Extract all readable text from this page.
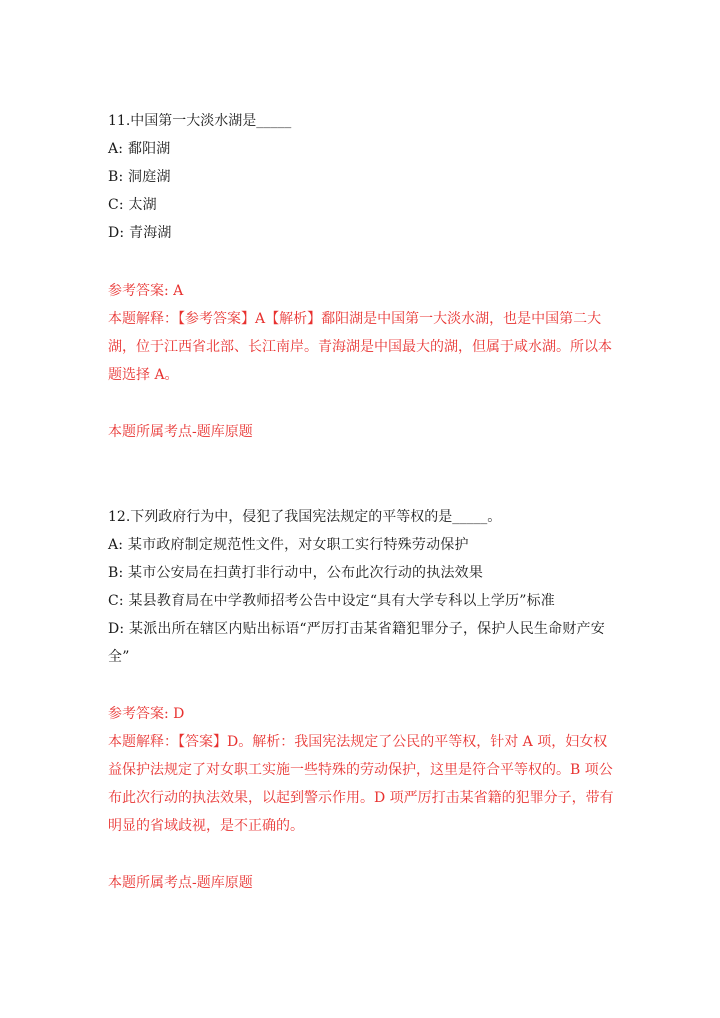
11.中国第一大淡水湖是_____
A: 鄱阳湖
B: 洞庭湖
C: 太湖
D: 青海湖
参考答案: A
本题解释：【参考答案】A【解析】鄱阳湖是中国第一大淡水湖，也是中国第二大湖，位于江西省北部、长江南岸。青海湖是中国最大的湖，但属于咸水湖。所以本题选择 A。
本题所属考点-题库原题
12.下列政府行为中，侵犯了我国宪法规定的平等权的是_____。
A: 某市政府制定规范性文件，对女职工实行特殊劳动保护
B: 某市公安局在扫黄打非行动中，公布此次行动的执法效果
C: 某县教育局在中学教师招考公告中设定“具有大学专科以上学历”标准
D: 某派出所在辖区内贴出标语“严厉打击某省籍犯罪分子，保护人民生命财产安全”
参考答案: D
本题解释：【答案】D。解析：我国宪法规定了公民的平等权，针对 A 项，妇女权益保护法规定了对女职工实施一些特殊的劳动保护，这里是符合平等权的。B 项公布此次行动的执法效果，以起到警示作用。D 项严厉打击某省籍的犯罪分子，带有明显的省域歧视，是不正确的。
本题所属考点-题库原题
